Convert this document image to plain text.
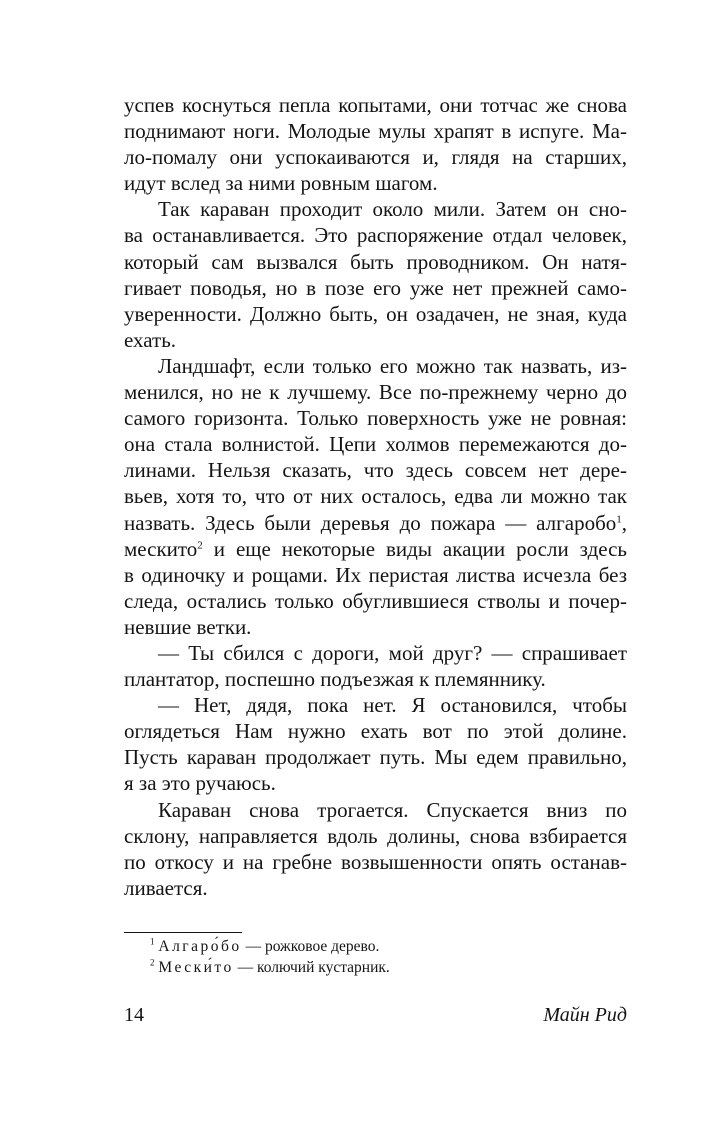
успев коснуться пепла копытами, они тотчас же снова
поднимают ноги. Молодые мулы храпят в испуге. Ма-
ло-помалу они успокаиваются и, глядя на старших,
идут вслед за ними ровным шагом.
Так караван проходит около мили. Затем он сно-
ва останавливается. Это распоряжение отдал человек,
который сам вызвался быть проводником. Он натя-
гивает поводья, но в позе его уже нет прежней само-
уверенности. Должно быть, он озадачен, не зная, куда
ехать.
Ландшафт, если только его можно так назвать, из-
менился, но не к лучшему. Все по-прежнему черно до
самого горизонта. Только поверхность уже не ровная:
она стала волнистой. Цепи холмов перемежаются до-
линами. Нельзя сказать, что здесь совсем нет дере-
вьев, хотя то, что от них осталось, едва ли можно так
назвать. Здесь были деревья до пожара — алгаробо$^1$,
мескито$^2$ и еще некоторые виды акации росли здесь
в одиночку и рощами. Их перистая листва исчезла без
следа, остались только обуглившиеся стволы и почер-
невшие ветки.
— Ты сбился с дороги, мой друг? — спрашивает
плантатор, поспешно подъезжая к племяннику.
— Нет, дядя, пока нет. Я остановился, чтобы
оглядеться Нам нужно ехать вот по этой долине.
Пусть караван продолжает путь. Мы едем правильно,
я за это ручаюсь.
Караван снова трогается. Спускается вниз по
склону, направляется вдоль долины, снова взбирается
по откосу и на гребне возвышенности опять останав-
ливается.
$^1$ Алгаро́бо — рожковое дерево.
$^2$ Мески́то — колючий кустарник.
14	Майн Рид
